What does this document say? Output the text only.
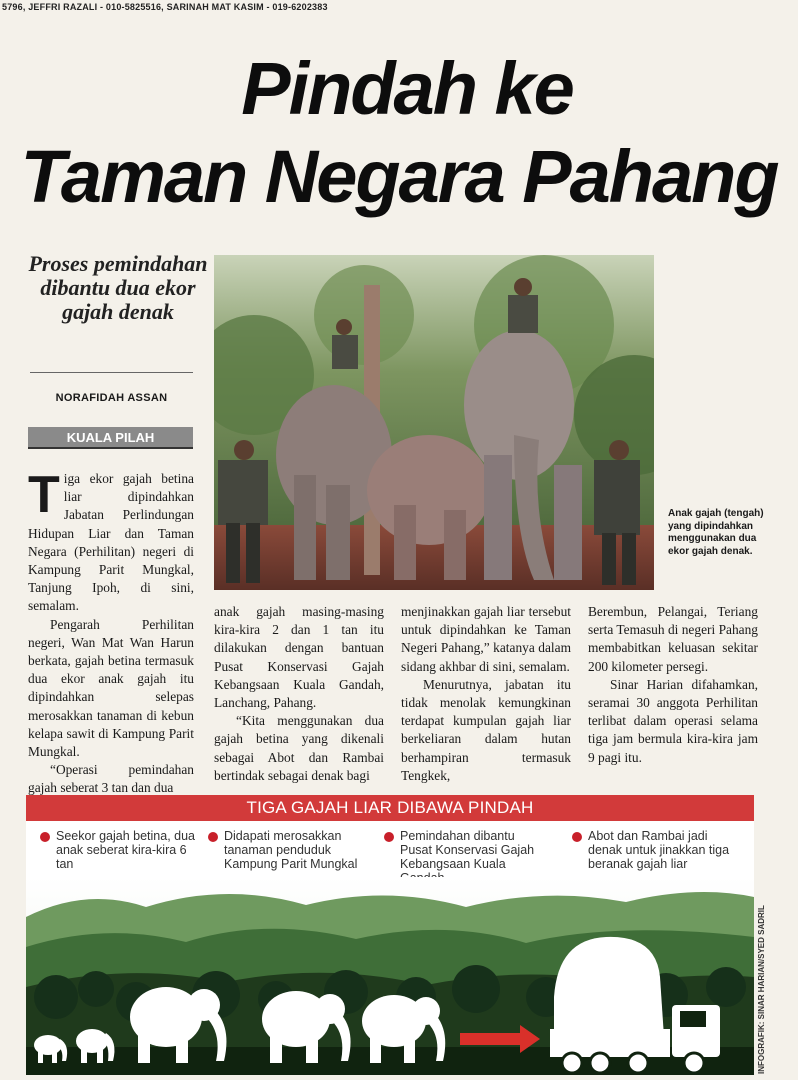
5796, JEFFRI RAZALI - 010-5825516, SARINAH MAT KASIM - 019-6202383
Pindah ke
Taman Negara Pahang
Proses pemindahan dibantu dua ekor gajah denak
NORAFIDAH ASSAN
KUALA PILAH
Anak gajah (tengah) yang dipindahkan menggunakan dua ekor gajah denak.

Tiga ekor gajah betina liar dipindahkan Jabatan Perlindungan Hidupan Liar dan Taman Negara (Perhilitan) negeri di Kampung Parit Mungkal, Tanjung Ipoh, di sini, semalam.

Pengarah Perhilitan negeri, Wan Mat Wan Harun berkata, gajah betina termasuk dua ekor anak gajah itu dipindahkan selepas merosakkan tanaman di kebun kelapa sawit di Kampung Parit Mungkal.

“Operasi pemindahan gajah seberat 3 tan dan dua

anak gajah masing-masing kira-kira 2 dan 1 tan itu dilakukan dengan bantuan Pusat Konservasi Gajah Kebangsaan Kuala Gandah, Lanchang, Pahang.

“Kita menggunakan dua gajah betina yang dikenali sebagai Abot dan Rambai bertindak sebagai denak bagi

menjinakkan gajah liar tersebut untuk dipindahkan ke Taman Negeri Pahang,” katanya dalam sidang akhbar di sini, semalam.

Menurutnya, jabatan itu tidak menolak kemungkinan terdapat kumpulan gajah liar berkeliaran dalam hutan berhampiran termasuk Tengkek,

Berembun, Pelangai, Teriang serta Temasuh di negeri Pahang membabitkan keluasan sekitar 200 kilometer persegi.

Sinar Harian difahamkan, seramai 30 anggota Perhilitan terlibat dalam operasi selama tiga jam bermula kira-kira jam 9 pagi itu.

TIGA GAJAH LIAR DIBAWA PINDAH
Seekor gajah betina, dua anak seberat kira-kira 6 tan
Didapati merosakkan tanaman penduduk Kampung Parit Mungkal
Pemindahan dibantu Pusat Konservasi Gajah Kebangsaan Kuala
Abot dan Rambai jadi denak untuk jinakkan tiga beranak gajah liar
INFOGRAFIK: SINAR HARIAN/SYED SADRIL
